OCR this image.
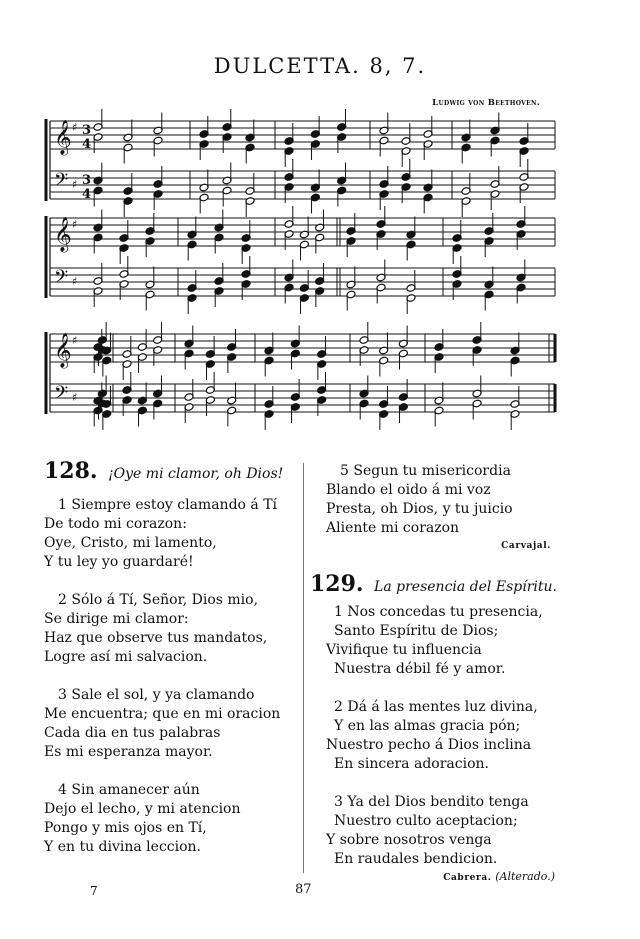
DULCETTA. 8, 7.
Ludwig von Beethoven.
𝄞 ♯ 3
4
𝄢 ♯ 3
4
𝄞 ♯
𝄢 ♯
𝄞 ♯
𝄢 ♯
128. ¡Oye mi clamor, oh Dios!
1 Siempre estoy clamando á Tí
De todo mi corazon:
Oye, Cristo, mi lamento,
Y tu ley yo guardaré!
2 Sólo á Tí, Señor, Dios mio,
Se dirige mi clamor:
Haz que observe tus mandatos,
Logre así mi salvacion.
3 Sale el sol, y ya clamando
Me encuentra; que en mi oracion
Cada dia en tus palabras
Es mi esperanza mayor.
4 Sin amanecer aún
Dejo el lecho, y mi atencion
Pongo y mis ojos en Tí,
Y en tu divina leccion.
5 Segun tu misericordia
Blando el oido á mi voz
Presta, oh Dios, y tu juicio
Aliente mi corazon
Carvajal.
129. La presencia del Espíritu.
1 Nos concedas tu presencia,
Santo Espíritu de Dios;
Vivifique tu influencia
Nuestra débil fé y amor.
2 Dá á las mentes luz divina,
Y en las almas gracia pón;
Nuestro pecho á Dios inclina
En sincera adoracion.
3 Ya del Dios bendito tenga
Nuestro culto aceptacion;
Y sobre nosotros venga
En raudales bendicion.
Cabrera. (Alterado.)
7	87
